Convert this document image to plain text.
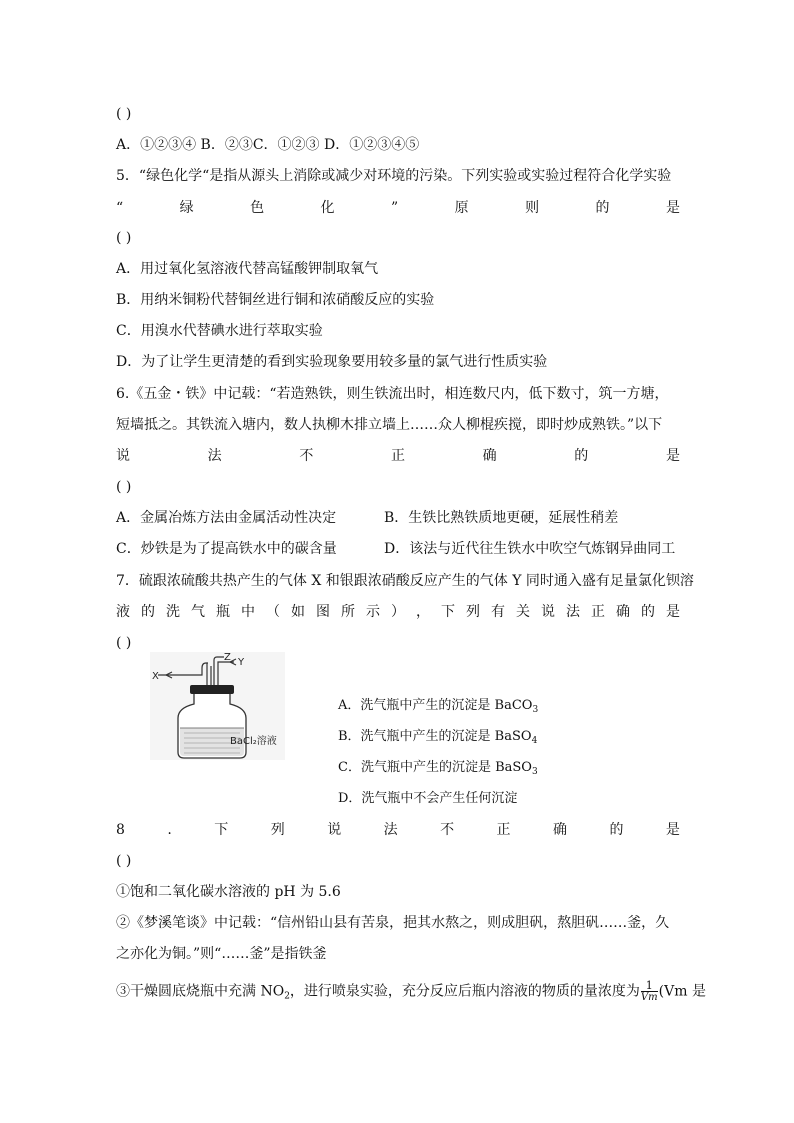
( )
A．①②③④ B．②③C．①②③ D．①②③④⑤
5．“绿色化学“是指从源头上消除或减少对环境的污染。下列实验或实验过程符合化学实验
“	绿	色	化	”	原	则	的	是
( )
A．用过氧化氢溶液代替高锰酸钾制取氧气
B．用纳米铜粉代替铜丝进行铜和浓硝酸反应的实验
C．用溴水代替碘水进行萃取实验
D．为了让学生更清楚的看到实验现象要用较多量的氯气进行性质实验
6.《五金・铁》中记载：“若造熟铁，则生铁流出时，相连数尺内，低下数寸，筑一方塘，
短墙抵之。其铁流入塘内，数人执柳木排立墙上……众人柳棍疾搅，即时炒成熟铁。”以下
说	法	不	正	确	的	是
( )
A．金属冶炼方法由金属活动性决定	B．生铁比熟铁质地更硬，延展性稍差
C．炒铁是为了提高铁水中的碳含量	D．该法与近代往生铁水中吹空气炼钢异曲同工
7．硫跟浓硫酸共热产生的气体 X 和银跟浓硝酸反应产生的气体 Y 同时通入盛有足量氯化钡溶
液 的 洗 气 瓶 中 （ 如 图 所 示 ） ， 下 列 有 关 说 法 正 确 的 是
( )
X
Z Y
BaCl₂溶液
A．洗气瓶中产生的沉淀是 BaCO$_3$
B．洗气瓶中产生的沉淀是 BaSO$_4$
C．洗气瓶中产生的沉淀是 BaSO$_3$
D．洗气瓶中不会产生任何沉淀
8	.	下	列	说	法	不	正	确	的	是
( )
①饱和二氧化碳水溶液的 pH 为 5.6
②《梦溪笔谈》中记载：“信州铅山县有苦泉，挹其水熬之，则成胆矾，熬胆矾……釜，久
之亦化为铜。”则“……釜”是指铁釜
③干燥圆底烧瓶中充满 $NO_2$，进行喷泉实验，充分反应后瓶内溶液的物质的量浓度为 $\frac{1}{Vm} (Vm$ 是
